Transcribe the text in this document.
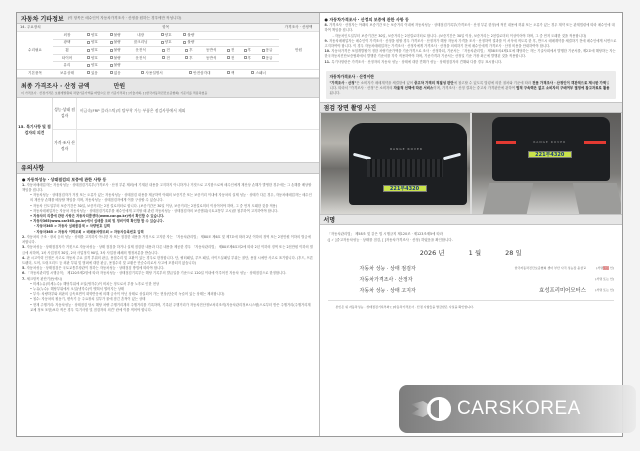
자동차 기타정보 (이 항목은 매수인이 자동차가격조사 · 산정을 원하는 경우에만 작성니다)
14. 주요장치	항목										가격조사 · 산정액
수리필요	외장	양호	불량	내장	양호	불량					만원
	광택	양호	불량	룸크리닝	양호	불량					
	휠	양호	불량	운전석	전	후	동반석	전	후	응급	
	타이어	양호	불량	운전석	전	후	동반석	전	후	응급	
	유리	양호	불량								
기본품목	보유상태	있음	없음	사용설명서		안전삼각대		잭	스패너		
최종 가격조사 · 산정 금액	만원
이 가격조사 · 산정가격은 보험개발원의 차량기준가액을 바탕으로 한 기준가격과 [ ]기술사회, [ ]한국자동차진단보증협회) 기준서를 적용하였음
15. 특기사항 및 점검자의 의견
성능·상태 점검자
비금속(FRP 플라스틱)의 탈부착 가능 부품은 점검사항에서 제외
가격·조사 산정자
유의사항
● 자동차성능 · 상태점검의 보증에 관한 사항 등
1. 자동차매매업자는 자동차성능 · 상태점검기록부(가격조사 · 산정 부분 제외)에 기재된 내용을 고지하지 아니하거나 거짓으로 고지함으로써 매수인에게 재산상 손해가 발생한 경우에는 그 손해를 배상할 책임을 집니다.
• 자동차성능 · 상태점검자가 거짓 또는 오류가 있는 자동차성능 · 상태점검 내용을 제공하여 아래의 보증기간 또는 보증거리 이내에 자동차의 실제 성능 · 상태가 다른 경우, 자동차매매업자는 매수인의 재산상 손해를 배상할 책임을 지며, 자동차성능 · 상태점검자에게 이를 구상할 수 있습니다.
• 자동차 인도일부터 보증기간은 30일, 보증거리는 2천 킬로미터로 합니다. (보증기간은 30일 이상, 보증거리는 2천킬로미터 이상이어야 하며, 그 중 먼저 도래한 것을 적용)
• 자동차매매업자는 자동차 자동차성능 · 상태점검기록부를 매수인에게 고지할 때 관련 자동차성능 · 상태점검자의 보증범위(국토교통부 고시)를 첨부하여 고지하여야 합니다.
• 자동차의 리콜에 관한 사항은 자동차리콜센터(www.car.go.kr)에서 확인할 수 있습니다.
• 자동차365(www.car365.go.kr)에서 실매물 조회 및 정비이력 확인할 할 수 있습니다.
- 자동차365 > 자동차 실매물검색 > 차량번호 입력
- 자동차365 > 자동차 이력조회 > 매매용차량조회 > 자동차등록번호 입력
2. 자동차의 구조 · 장치 등의 성능 · 상태를 고지하지 아니한 자 또는 점검한 내용을 거짓으로 고지한 자는 「자동차관리법」 제80조 제6호 및 제7호에 따라 2년 이하의 징역 또는 2천만원 이하의 벌금에 처합니다.
3. 자동차성능 · 상태점검자가 거짓으로 자동차성능 · 상태 점검을 하거나 실제 점검한 내용과 다른 내용을 제공한 경우 「자동차관리법」 제80조제6호의2에 따라 2년 이하의 징역 또는 2천만원 이하의 벌금에 처하며, 1차 사업정지 30일, 2차 사업정지 90일, 3차 사업장 폐쇄의 행정처분을 받습니다.
4. 판 시고이력 인정은 사고로 자동차 주요 골격 부위의 판금, 용접수리 및 교환이 있는 경우로 한정합니다. 단, 쿼터패널, 루프 패널, 사이드실패널 부위는 절단, 용접 시에만 사고로 표기합니다. (후드, 프론트펜더, 도어, 트렁크리드 등 외판 부위 및 범퍼에 대한 판금, 용접수리 및 교환은 단순수리로서 사고에 포함되지 않습니다)
5. 자동차성능 · 상태점검은 국토교통부장관이 정하는 자동차성능 · 상태점검 방법에 따라야 합니다.
6. 「자동차관리법 시행규칙」 제120조제2항에 따라 자동차성능 · 상태점검기록부는 해당 기록부의 발급일을 기준으로 120일 이내에 이루어진 자동차 성능 · 상태점검으로 한정합니다.
7. 체크항목 판단기준(예시)
• 미세누유(미세누수): 해당부위에 오일(냉각수)이 비치는 정도로서 부품 노후로 인한 현상
• 누유(누수): 해당부위에서 오일(냉각수)이 맺혀서 떨어지는 상태
• 부식: 차량하부와 외판의 금속표면이 화학반응에 의해 금속이 아닌 상태로 상실되어 가는 현상(단순히 녹슬어 있는 상태는 제외합니다)
• 침수: 자동차의 원동기, 변속기 등 주요장치 일부가 물에 잠긴 흔적이 있는 상태
• 현재 주행거리: 자동차성능 · 상태점검 당시 해당 차량 주행거리계의 주행거리를 기록하며, 기록된 주행거리가 자동차전산정보처리조직(자동차관리정보시스템)으로부터 받은 주행거리(주행거리계 교체 정보 포함)보다 적은 경우 '특기사항 및 점검자의 의견' 란에 이를 적어야 합니다.
● 자동차가격조사 · 산정의 보증에 관한 사항 등
8. 가격조사 · 산정자는 아래의 보증기간 또는 보증거리 이내에 자동차성능 · 상태점검기록부(가격조사 · 산정 부분 한정)에 적힌 내용에 허위 또는 오류가 있는 경우 계약 또는 관계법령에 따라 매수인에 대하여 책임을 집니다.
- 자동차인도일부터 보증기간은 30일, 보증거리는 2천킬로미터로 합니다. (보증기간은 30일 이상, 보증거리는 2천킬로미터 이상이어야 하며, 그 중 먼저 도래한 것을 적용합니다)
9. 자동차매매업자는 매수인이 가격조사 · 산정을 원할 경우 가격조사 · 산정자가 해당 자동차 가격을 조사 · 산정하여 결과를 이 서식에 적도록 한 후, 반드시 매매계약을 체결하기 전에 매수인에게 서면으로 고지하여야 합니다. 이 경우 자동차매매업자는 가격조사 · 산정자에게 가격조사 · 산정을 의뢰하기 전에 매수인에게 가격조사 · 산정 비용을 안내하여야 합니다.
10. 자동차가격은 보험개발원이 정한 차량기준가액을 기준가격으로 조사 · 산정하되, 기준서는 「자동차관리법」 제58조의4제1호에 해당하는 자는 기술사회에서 발행한 기준서를, 제2호에 해당하는 자는 한국자동차진단보증협회에서 발행한 기준서를 각각 적용하여야 하며, 기준가격과 기준서는 산정일 기준 가장 최근에 발행된 것을 적용합니다.
11. 특기사항란은 가격조사 · 산정자의 자동차 성능 · 상태에 대한 견해가 성능 · 상태점검자의 견해와 다를 경우 표시합니다.
자동차가격조사 · 산정이란
"가격조사 · 산정"은 소비자가 매매계약을 체결함에 있어 중고차 가격의 적절성 판단에 참고할 수 있도록 법령에 의한 절차와 기준에 따라 전문 가격조사 · 산정인이 객관적으로 제시한 가액입니다. 따라서 "가격조사 · 산정"은 소비자의 자율적 선택에 따른 서비스이며, 가격조사 · 산정 결과는 중고차 가격판단에 관하여 법적 구속력은 없고 소비자의 구매여부 결정에 참고자료로 활용됩니다.
점검 장면 촬영 사진
RANGE ROVER
221부4320
RANGE ROVER
221부4320
서명
「자동차관리법」 제58조 및 같은 법 시행규칙 제120조 · 제123조제5에 따라
([ ✓ ]중고자동차성능 · 상태를 점검, [ ]자동차가격조사 · 산정) 하였음을 확인합니다.
2026 년	1 월	28 일
자동차 성능 · 상태 점검자	한국자동차진단보증협회 센터 부산 사직 성능장 윤삼교	(서명또는 인)
자동차가격조사 · 산정자	(서명 또는 인)
자동차 성능 · 상태 고지자	효성프리미어모터스	(서명 또는 인)
본인은 위 자동차성능 · 상태점검기록부와 [ ]자동차가격조사 · 산정 사항들을 발급받은 사실을 확인합니다.
CARSKOREA
